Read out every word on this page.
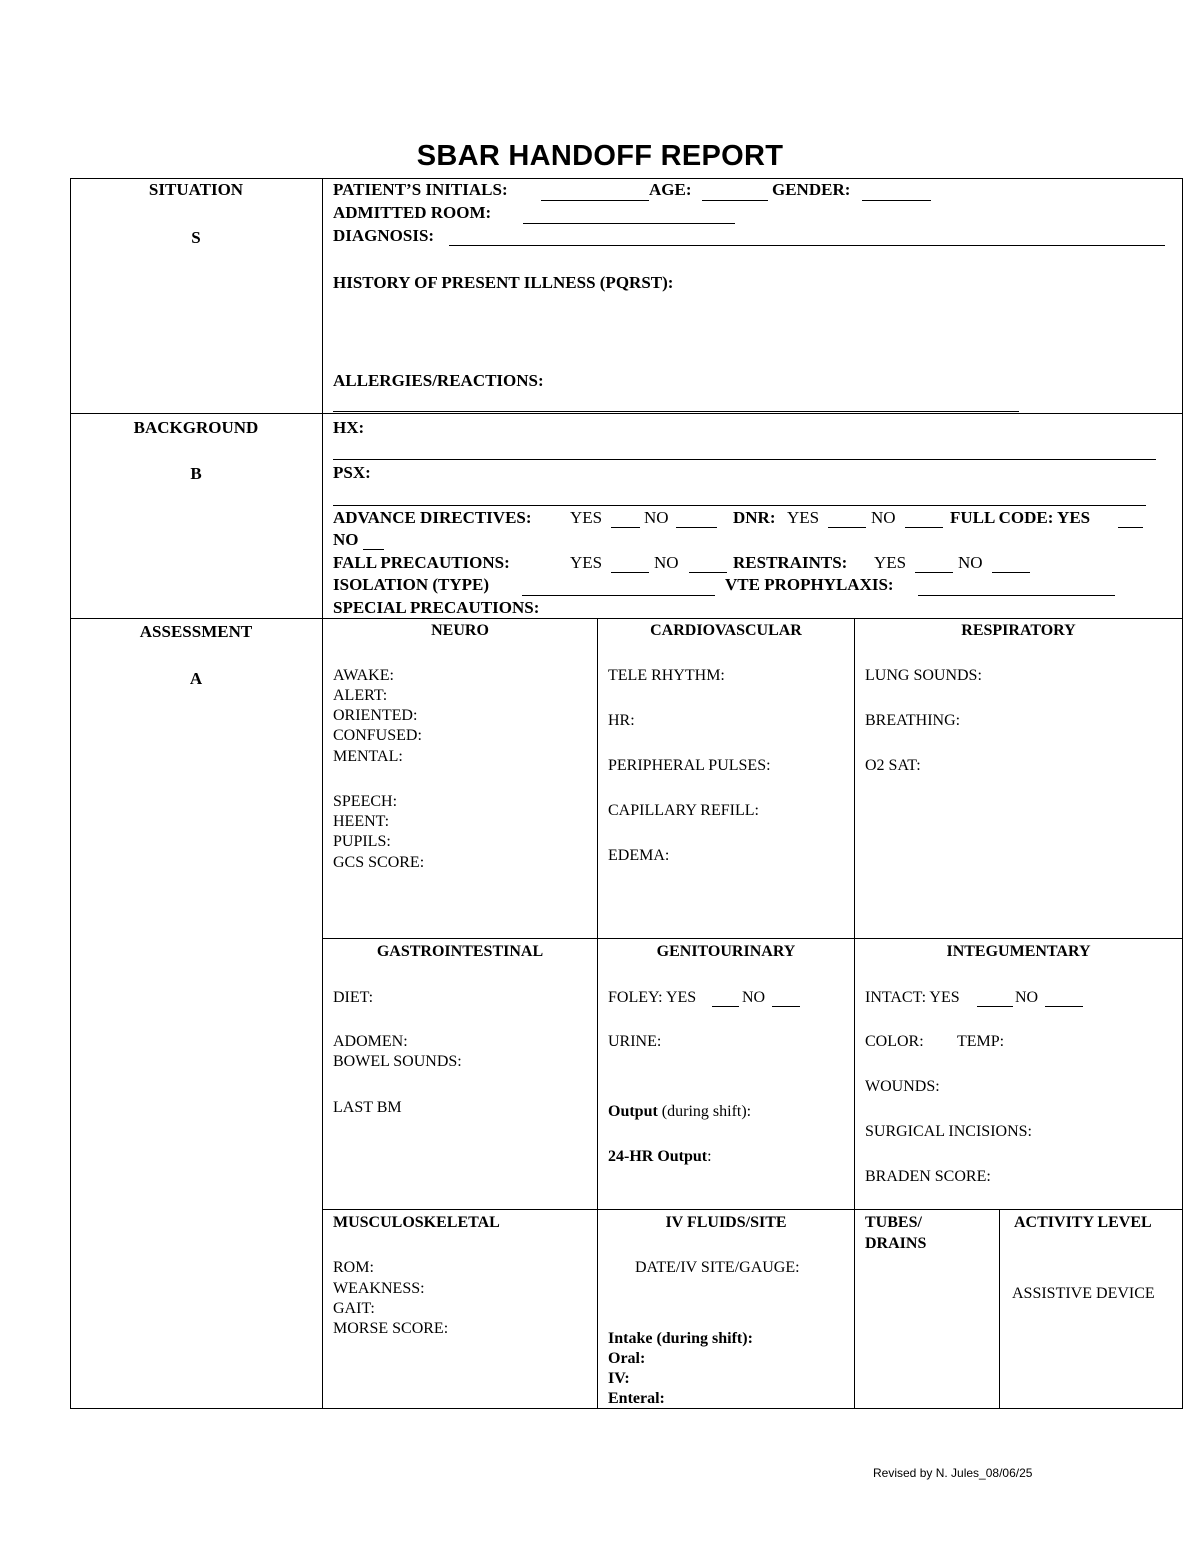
SBAR HANDOFF REPORT
SITUATION
S
PATIENT’S INITIALS:	AGE:	GENDER:
ADMITTED ROOM:
DIAGNOSIS:
HISTORY OF PRESENT ILLNESS (PQRST):
ALLERGIES/REACTIONS:
BACKGROUND
B
HX:
PSX:
ADVANCE DIRECTIVES: YES NO	DNR: YES	NO	FULL CODE: YES
NO
FALL PRECAUTIONS:	YES	NO	RESTRAINTS: YES	NO
ISOLATION (TYPE)	VTE PROPHYLAXIS:
SPECIAL PRECAUTIONS:
ASSESSMENT
A
NEURO
AWAKE:
ALERT:
ORIENTED:
CONFUSED:
MENTAL:
SPEECH:
HEENT:
PUPILS:
GCS SCORE:
CARDIOVASCULAR
TELE RHYTHM:
HR:
PERIPHERAL PULSES:
CAPILLARY REFILL:
EDEMA:
RESPIRATORY
LUNG SOUNDS:
BREATHING:
O2 SAT:
GASTROINTESTINAL
DIET:
ADOMEN:
BOWEL SOUNDS:
LAST BM
GENITOURINARY
FOLEY: YES	NO
URINE:
Output (during shift):
24-HR Output:
INTEGUMENTARY
INTACT: YES	NO
COLOR: TEMP:
WOUNDS:
SURGICAL INCISIONS:
BRADEN SCORE:
MUSCULOSKELETAL
ROM:
WEAKNESS:
GAIT:
MORSE SCORE:
IV FLUIDS/SITE
DATE/IV SITE/GAUGE:
Intake (during shift):
Oral:
IV:
Enteral:
TUBES/
DRAINS
ACTIVITY LEVEL
ASSISTIVE DEVICE
Revised by N. Jules_08/06/25
